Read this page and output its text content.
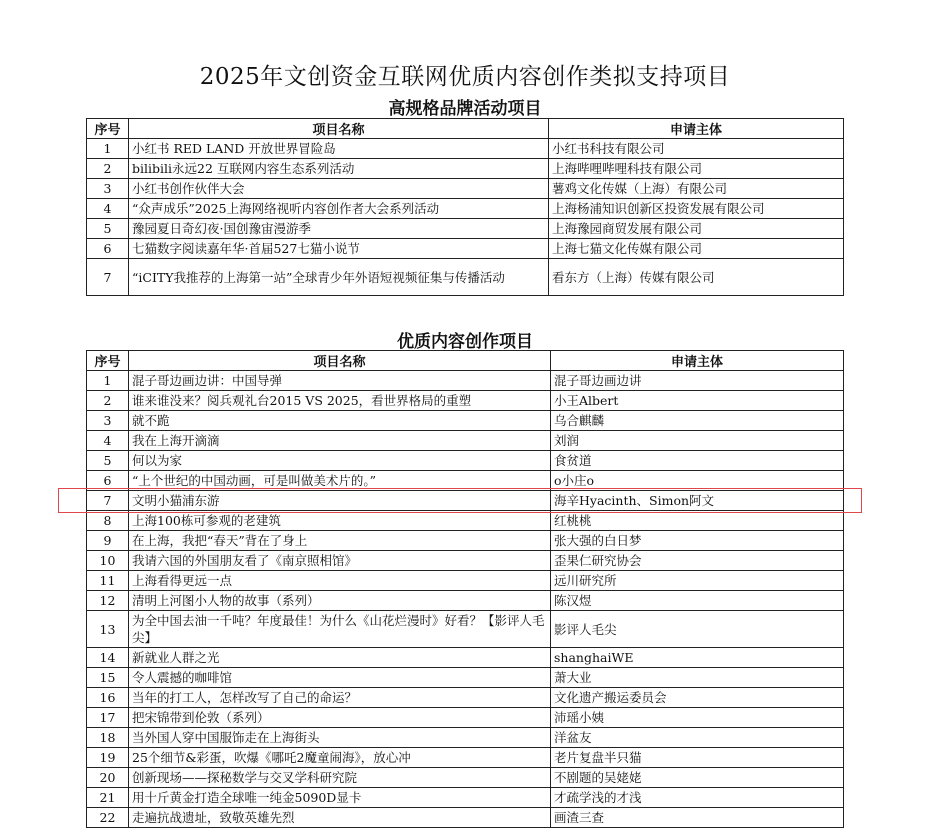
2025年文创资金互联网优质内容创作类拟支持项目
高规格品牌活动项目
序号	项目名称	申请主体
1	小红书 RED LAND 开放世界冒险岛	小红书科技有限公司
2	bilibili永远22 互联网内容生态系列活动	上海哔哩哔哩科技有限公司
3	小红书创作伙伴大会	薯鸡文化传媒（上海）有限公司
4	“众声成乐”2025上海网络视听内容创作者大会系列活动	上海杨浦知识创新区投资发展有限公司
5	豫园夏日奇幻夜·国创豫宙漫游季	上海豫园商贸发展有限公司
6	七猫数字阅读嘉年华·首届527七猫小说节	上海七猫文化传媒有限公司
7	“iCITY我推荐的上海第一站”全球青少年外语短视频征集与传播活动	看东方（上海）传媒有限公司
优质内容创作项目
序号	项目名称	申请主体
1	混子哥边画边讲：中国导弹	混子哥边画边讲
2	谁来谁没来？阅兵观礼台2015 VS 2025，看世界格局的重塑	小王Albert
3	就不跪	乌合麒麟
4	我在上海开滴滴	刘润
5	何以为家	食贫道
6	“上个世纪的中国动画，可是叫做美术片的。”	o小庄o
7	文明小猫浦东游	海辛Hyacinth、Simon阿文
8	上海100栋可参观的老建筑	红桃桃
9	在上海，我把“春天”背在了身上	张大强的白日梦
10	我请六国的外国朋友看了《南京照相馆》	歪果仁研究协会
11	上海看得更远一点	远川研究所
12	清明上河图小人物的故事（系列）	陈汉煜
13	为全中国去油一千吨？年度最佳！为什么《山花烂漫时》好看？【影评人毛尖】	影评人毛尖
14	新就业人群之光	shanghaiWE
15	令人震撼的咖啡馆	萧大业
16	当年的打工人，怎样改写了自己的命运？	文化遗产搬运委员会
17	把宋锦带到伦敦（系列）	沛瑶小姨
18	当外国人穿中国服饰走在上海街头	洋盆友
19	25个细节&彩蛋，吹爆《哪吒2魔童闹海》，放心冲	老片复盘半只猫
20	创新现场——探秘数学与交叉学科研究院	不剧题的吴姥姥
21	用十斤黄金打造全球唯一纯金5090D显卡	才疏学浅的才浅
22	走遍抗战遗址，致敬英雄先烈	画渣三查
